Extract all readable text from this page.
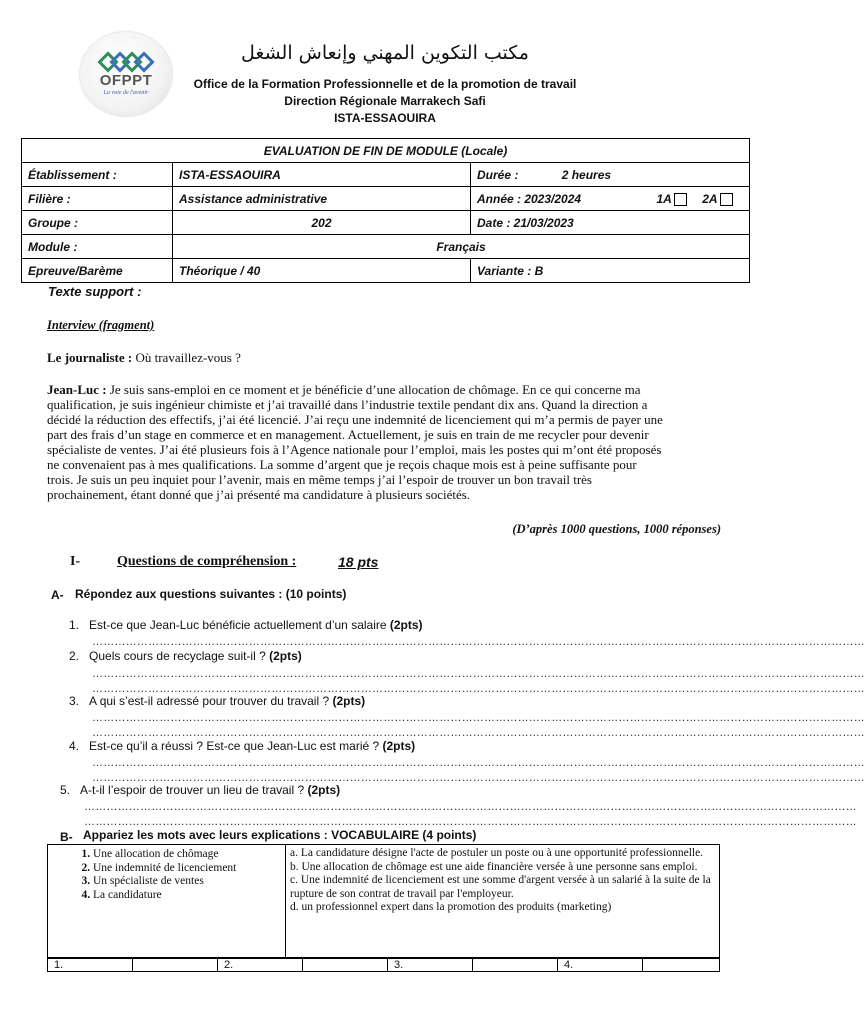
OFPPT
La voie de l'avenir
مكتب التكوين المهني وإنعاش الشغل
Office de la Formation Professionnelle et de la promotion de travail
Direction Régionale Marrakech Safi
ISTA-ESSAOUIRA
EVALUATION DE FIN DE MODULE (Locale)		
Établissement :	ISTA-ESSAOUIRA	Durée : 2 heures
Filière :	Assistance administrative	Année : 2023/2024 1A 2A

Groupe :	202	Date : 21/03/2023
Module :	Français	
Epreuve/Barème	Théorique / 40	Variante : B
Texte support :
Interview (fragment)
Le journaliste : Où travaillez-vous ?
Jean-Luc : Je suis sans-emploi en ce moment et je bénéficie d’une allocation de chômage. En ce qui concerne ma
qualification, je suis ingénieur chimiste et j’ai travaillé dans l’industrie textile pendant dix ans. Quand la direction a
décidé la réduction des effectifs, j’ai été licencié. J’ai reçu une indemnité de licenciement qui m’a permis de payer une
part des frais d’un stage en commerce et en management. Actuellement, je suis en train de me recycler pour devenir
spécialiste de ventes. J’ai été plusieurs fois à l’Agence nationale pour l’emploi, mais les postes qui m’ont été proposés
ne convenaient pas à mes qualifications. La somme d’argent que je reçois chaque mois est à peine suffisante pour
trois. Je suis un peu inquiet pour l’avenir, mais en même temps j’ai l’espoir de trouver un bon travail très
prochainement, étant donné que j’ai présenté ma candidature à plusieurs sociétés.
(D’après 1000 questions, 1000 réponses)
I-	Questions de compréhension :	18 pts
A- Répondez aux questions suivantes : (10 points)
1. Est-ce que Jean-Luc bénéficie actuellement d’un salaire (2pts)
………………………………………………………………………………………………………………………………………………………………………………………
2. Quels cours de recyclage suit-il ? (2pts)
………………………………………………………………………………………………………………………………………………………………………………………
………………………………………………………………………………………………………………………………………………………………………………………
3. A qui s’est-il adressé pour trouver du travail ? (2pts)
………………………………………………………………………………………………………………………………………………………………………………………
………………………………………………………………………………………………………………………………………………………………………………………
4. Est-ce qu’il a réussi ? Est-ce que Jean-Luc est marié ? (2pts)
………………………………………………………………………………………………………………………………………………………………………………………
………………………………………………………………………………………………………………………………………………………………………………………
5. A-t-il l’espoir de trouver un lieu de travail ? (2pts)
………………………………………………………………………………………………………………………………………………………………………………………
………………………………………………………………………………………………………………………………………………………………………………………
B- Appariez les mots avec leurs explications : VOCABULAIRE (4 points)
1. Une allocation de chômage
2. Une indemnité de licenciement
3. Un spécialiste de ventes
4. La candidature

a. La candidature désigne l'acte de postuler un poste ou à une opportunité professionnelle.
b. Une allocation de chômage est une aide financière versée à une personne sans emploi.
c. Une indemnité de licenciement est une somme d'argent versée à un salarié à la suite de la rupture de son contrat de travail par l'employeur.
d. un professionnel expert dans la promotion des produits (marketing)
1.		2.		3.		4.	
